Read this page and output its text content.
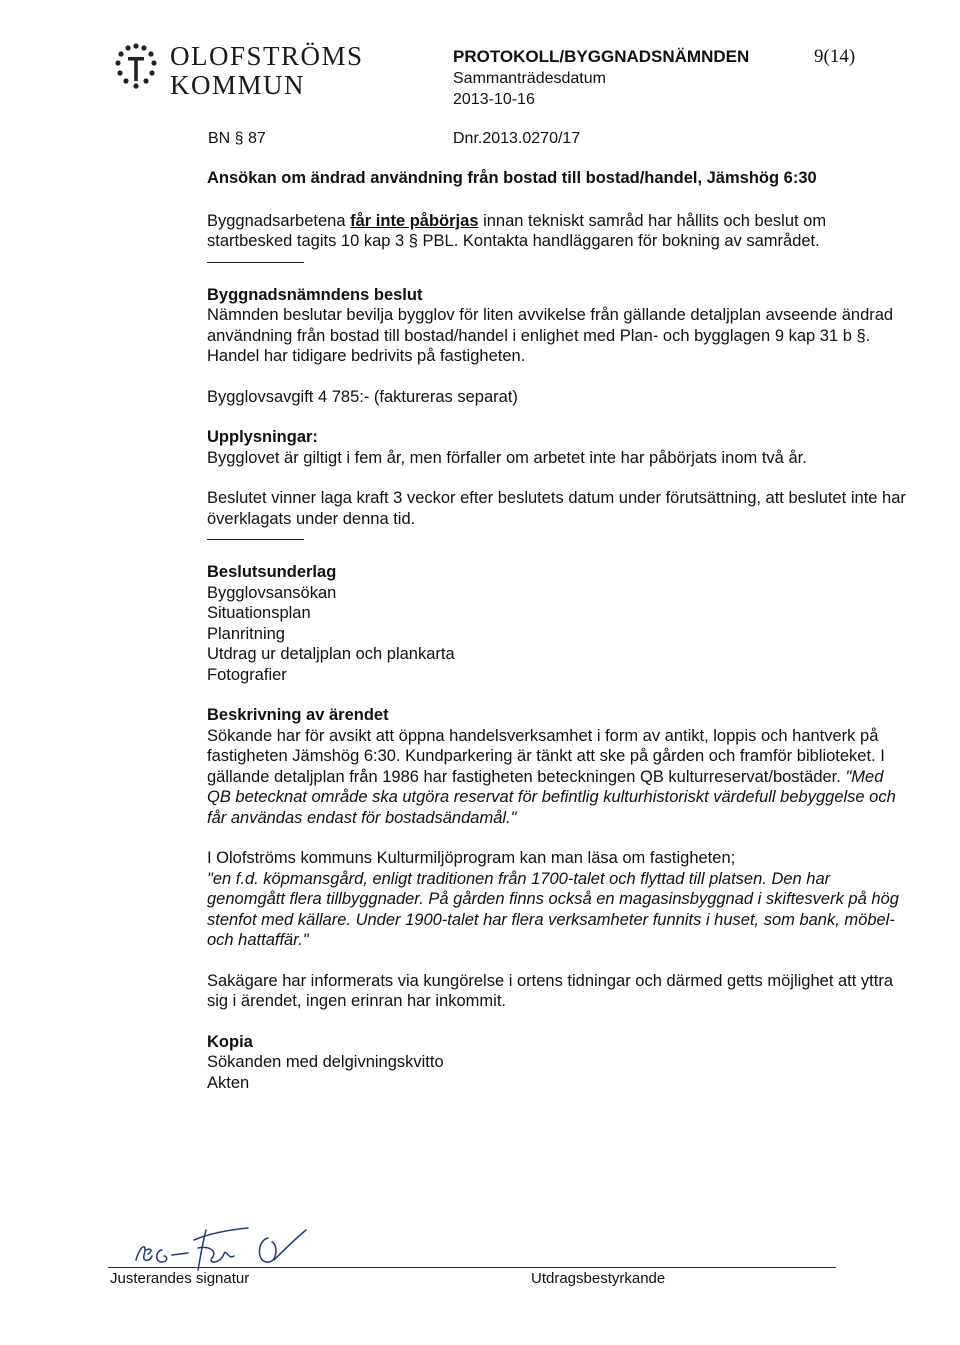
OLOFSTRÖMS
KOMMUN
PROTOKOLL/BYGGNADSNÄMNDEN
Sammanträdesdatum
2013-10-16
9(14)
BN § 87	Dnr.2013.0270/17

Ansökan om ändrad användning från bostad till bostad/handel, Jämshög 6:30

Byggnadsarbetena får inte påbörjas innan tekniskt samråd har hållits och beslut om startbesked tagits 10 kap 3 § PBL. Kontakta handläggaren för bokning av samrådet.

Byggnadsnämndens beslut

Nämnden beslutar bevilja bygglov för liten avvikelse från gällande detaljplan avseende ändrad användning från bostad till bostad/handel i enlighet med Plan- och bygglagen 9 kap 31 b §. Handel har tidigare bedrivits på fastigheten.

Bygglovsavgift 4 785:- (faktureras separat)

Upplysningar:

Bygglovet är giltigt i fem år, men förfaller om arbetet inte har påbörjats inom två år.

Beslutet vinner laga kraft 3 veckor efter beslutets datum under förutsättning, att beslutet inte har överklagats under denna tid.

Beslutsunderlag

Bygglovsansökan

Situationsplan

Planritning

Utdrag ur detaljplan och plankarta

Fotografier

Beskrivning av ärendet

Sökande har för avsikt att öppna handelsverksamhet i form av antikt, loppis och hantverk på fastigheten Jämshög 6:30. Kundparkering är tänkt att ske på gården och framför biblioteket. I gällande detaljplan från 1986 har fastigheten beteckningen QB kulturreservat/bostäder. "Med QB betecknat område ska utgöra reservat för befintlig kulturhistoriskt värdefull bebyggelse och får användas endast för bostadsändamål."

I Olofströms kommuns Kulturmiljöprogram kan man läsa om fastigheten;

"en f.d. köpmansgård, enligt traditionen från 1700-talet och flyttad till platsen. Den har genomgått flera tillbyggnader. På gården finns också en magasinsbyggnad i skiftesverk på hög stenfot med källare. Under 1900-talet har flera verksamheter funnits i huset, som bank, möbel- och hattaffär."

Sakägare har informerats via kungörelse i ortens tidningar och därmed getts möjlighet att yttra sig i ärendet, ingen erinran har inkommit.

Kopia

Sökanden med delgivningskvitto

Akten

Justerandes signatur	Utdragsbestyrkande
